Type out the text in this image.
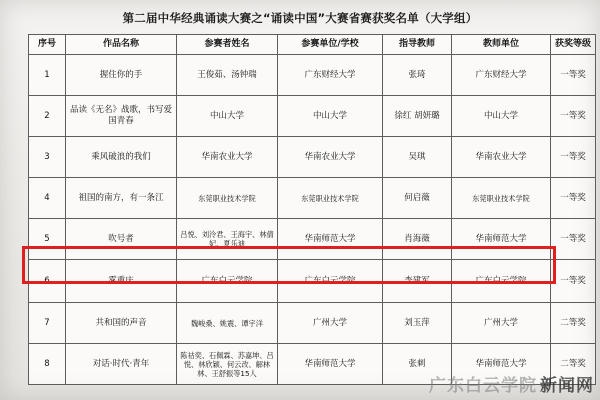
第二届中华经典诵读大赛之“诵读中国”大赛省赛获奖名单（大学组）
序号	作品名称	参赛者姓名	参赛单位/学校	指导教师	教师单位	获奖等级
1	握住你的手	王俊茹、汤钟瑞	广东财经大学	张琦	广东财经大学	一等奖
2	品读《无名》战歌，书写爱国青春	中山大学	中山大学	徐红 胡妍璐	中山大学	一等奖
3	乘风破浪的我们	华南农业大学	华南农业大学	吴琪	华南农业大学	一等奖
4	祖国的南方，有一条江	东莞职业技术学院	东莞职业技术学院	何启薇	东莞职业技术学院	一等奖
5	吹号者	吕悦、刘泠君、王海宇、林倩妃、夏乐迪	华南师范大学	肖海薇	华南师范大学	一等奖
6	雾重庆	广东白云学院	广东白云学院	李建军	广东白云学院	一等奖
7	共和国的声音	魏峻桑、姚震、谭宇洋	广州大学	刘玉萍	广州大学	二等奖
8	对话·时代·青年	陈祜奕、石佩霖、苏嘉坤、吕悦、林欣颖、何云改、解林林、王舒振等15人	华南师范大学	张刺	华南师范大学	二等奖
广东白云学院 新闻网
